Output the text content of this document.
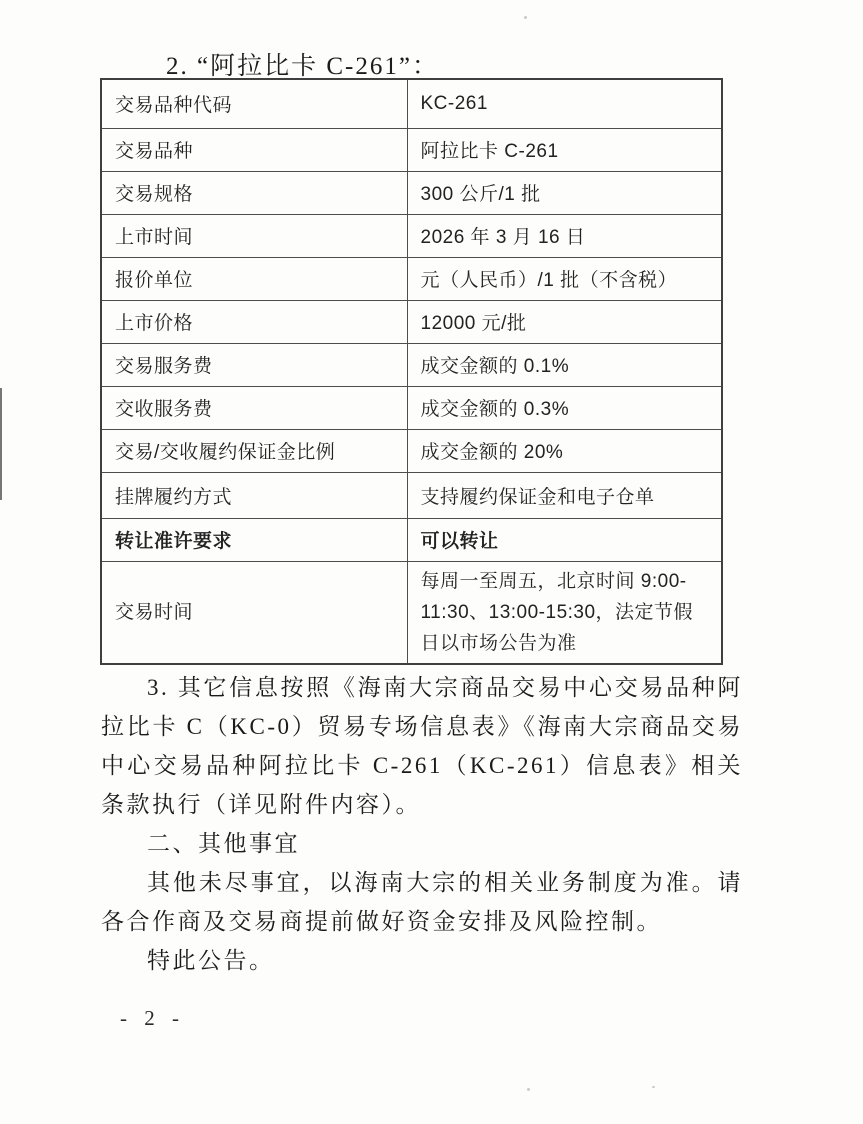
2. “阿拉比卡 C-261”：
交易品种代码	KC-261
交易品种	阿拉比卡 C-261
交易规格	300 公斤/1 批
上市时间	2026 年 3 月 16 日
报价单位	元（人民币）/1 批（不含税）
上市价格	12000 元/批
交易服务费	成交金额的 0.1%
交收服务费	成交金额的 0.3%
交易/交收履约保证金比例	成交金额的 20%
挂牌履约方式	支持履约保证金和电子仓单
转让准许要求	可以转让
交易时间	每周一至周五，北京时间 9:00-11:30、13:00-15:30，法定节假日以市场公告为准

3. 其它信息按照《海南大宗商品交易中心交易品种阿拉比卡 C（KC-0）贸易专场信息表》《海南大宗商品交易中心交易品种阿拉比卡 C-261（KC-261）信息表》相关条款执行（详见附件内容）。

二、其他事宜

其他未尽事宜，以海南大宗的相关业务制度为准。请各合作商及交易商提前做好资金安排及风险控制。

特此公告。

- 2 -
